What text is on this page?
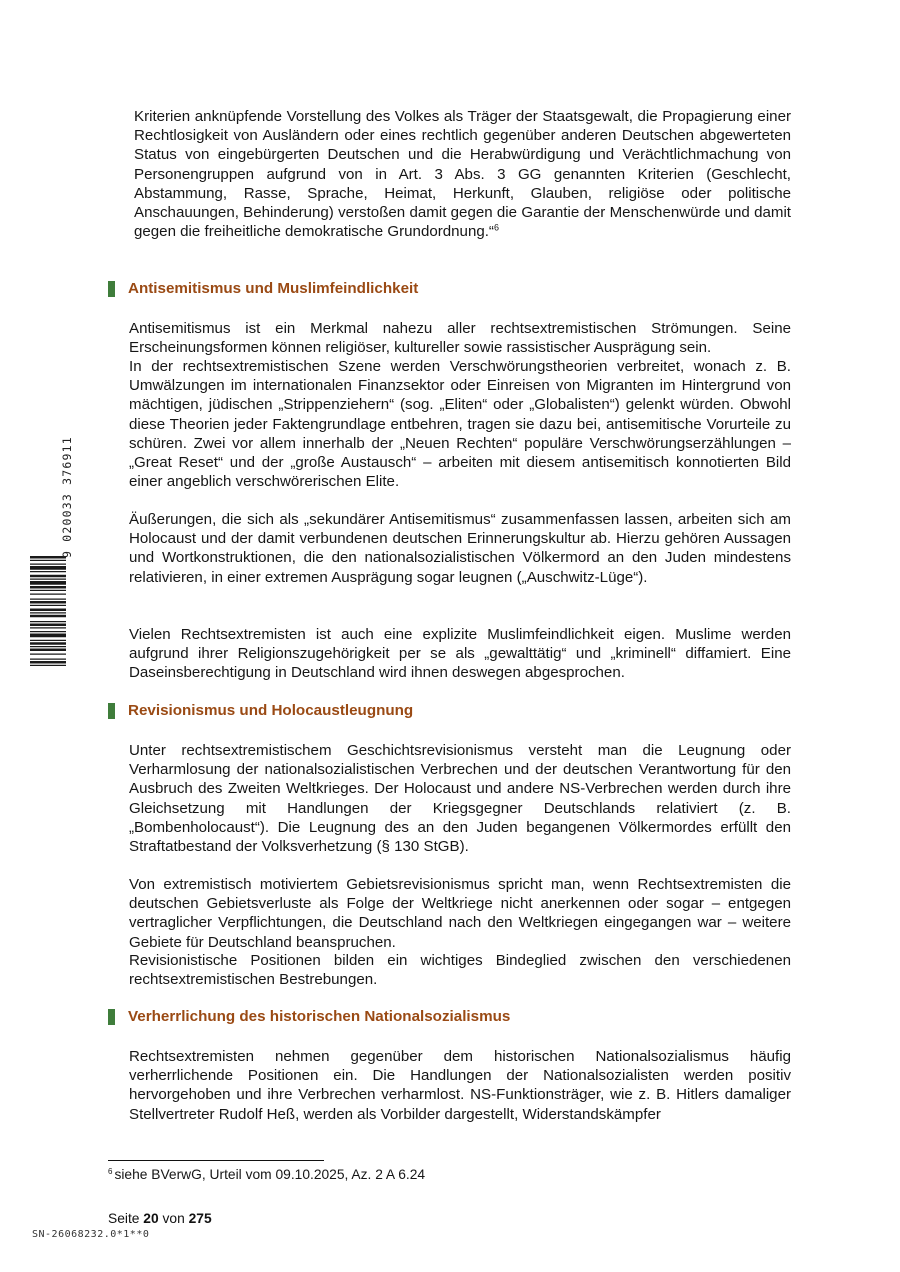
Kriterien anknüpfende Vorstellung des Volkes als Träger der Staatsgewalt, die Propagierung einer Rechtlosigkeit von Ausländern oder eines rechtlich gegenüber anderen Deutschen abgewerteten Status von eingebürgerten Deutschen und die Herabwürdigung und Verächtlichmachung von Personengruppen aufgrund von in Art. 3 Abs. 3 GG genannten Kriterien (Geschlecht, Abstammung, Rasse, Sprache, Heimat, Herkunft, Glauben, religiöse oder politische Anschauungen, Behinderung) verstoßen damit gegen die Garantie der Menschenwürde und damit gegen die freiheitliche demokratische Grundordnung.“$^6$

Antisemitismus und Muslimfeindlichkeit

Antisemitismus ist ein Merkmal nahezu aller rechtsextremistischen Strömungen. Seine Erscheinungsformen können religiöser, kultureller sowie rassistischer Ausprägung sein.

In der rechtsextremistischen Szene werden Verschwörungstheorien verbreitet, wonach z. B. Umwälzungen im internationalen Finanzsektor oder Einreisen von Migranten im Hintergrund von mächtigen, jüdischen „Strippenziehern“ (sog. „Eliten“ oder „Globalisten“) gelenkt würden. Obwohl diese Theorien jeder Faktengrundlage entbehren, tragen sie dazu bei, antisemitische Vorurteile zu schüren. Zwei vor allem innerhalb der „Neuen Rechten“ populäre Verschwörungserzählungen – „Great Reset“ und der „große Austausch“ – arbeiten mit diesem antisemitisch konnotierten Bild einer angeblich verschwörerischen Elite.

Äußerungen, die sich als „sekundärer Antisemitismus“ zusammenfassen lassen, arbeiten sich am Holocaust und der damit verbundenen deutschen Erinnerungskultur ab. Hierzu gehören Aussagen und Wortkonstruktionen, die den nationalsozialistischen Völkermord an den Juden mindestens relativieren, in einer extremen Ausprägung sogar leugnen („Auschwitz-Lüge“).

Vielen Rechtsextremisten ist auch eine explizite Muslimfeindlichkeit eigen. Muslime werden aufgrund ihrer Religionszugehörigkeit per se als „gewalttätig“ und „kriminell“ diffamiert. Eine Daseinsberechtigung in Deutschland wird ihnen deswegen abgesprochen.

Revisionismus und Holocaustleugnung

Unter rechtsextremistischem Geschichtsrevisionismus versteht man die Leugnung oder Verharmlosung der nationalsozialistischen Verbrechen und der deutschen Verantwortung für den Ausbruch des Zweiten Weltkrieges. Der Holocaust und andere NS-Verbrechen werden durch ihre Gleichsetzung mit Handlungen der Kriegsgegner Deutschlands relativiert (z. B. „Bombenholocaust“). Die Leugnung des an den Juden begangenen Völkermordes erfüllt den Straftatbestand der Volksverhetzung (§ 130 StGB).

Von extremistisch motiviertem Gebietsrevisionismus spricht man, wenn Rechtsextremisten die deutschen Gebietsverluste als Folge der Weltkriege nicht anerkennen oder sogar – entgegen vertraglicher Verpflichtungen, die Deutschland nach den Weltkriegen eingegangen war – weitere Gebiete für Deutschland beanspruchen.

Revisionistische Positionen bilden ein wichtiges Bindeglied zwischen den verschiedenen rechtsextremistischen Bestrebungen.

Verherrlichung des historischen Nationalsozialismus

Rechtsextremisten nehmen gegenüber dem historischen Nationalsozialismus häufig verherrlichende Positionen ein. Die Handlungen der Nationalsozialisten werden positiv hervorgehoben und ihre Verbrechen verharmlost. NS-Funktionsträger, wie z. B. Hitlers damaliger Stellvertreter Rudolf Heß, werden als Vorbilder dargestellt, Widerstandskämpfer

$^6$ siehe BVerwG, Urteil vom 09.10.2025, Az. 2 A 6.24
Seite 20 von 275
SN-26068232.0*1**0
9 020033 376911
